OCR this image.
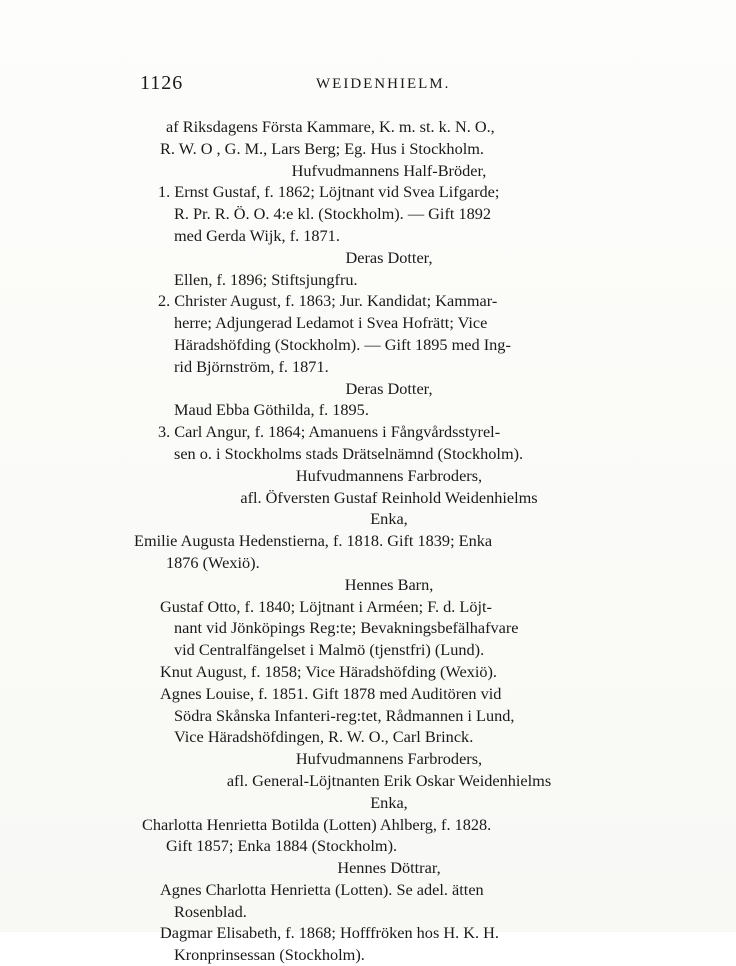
1126	WEIDENHIELM.
af Riksdagens Första Kammare, K. m. st. k. N. O.,
R. W. O , G. M., Lars Berg; Eg. Hus i Stockholm.
Hufvudmannens Half-Bröder,
1. Ernst Gustaf, f. 1862; Löjtnant vid Svea Lifgarde;
R. Pr. R. Ö. O. 4:e kl. (Stockholm). — Gift 1892
med Gerda Wijk, f. 1871.
Deras Dotter,
Ellen, f. 1896; Stiftsjungfru.
2. Christer August, f. 1863; Jur. Kandidat; Kammar-
herre; Adjungerad Ledamot i Svea Hofrätt; Vice
Häradshöfding (Stockholm). — Gift 1895 med Ing-
rid Björnström, f. 1871.
Deras Dotter,
Maud Ebba Göthilda, f. 1895.
3. Carl Angur, f. 1864; Amanuens i Fångvårdsstyrel-
sen o. i Stockholms stads Drätselnämnd (Stockholm).
Hufvudmannens Farbroders,
afl. Öfversten Gustaf Reinhold Weidenhielms
Enka,
Emilie Augusta Hedenstierna, f. 1818. Gift 1839; Enka
1876 (Wexiö).
Hennes Barn,
Gustaf Otto, f. 1840; Löjtnant i Arméen; F. d. Löjt-
nant vid Jönköpings Reg:te; Bevakningsbefälhafvare
vid Centralfängelset i Malmö (tjenstfri) (Lund).
Knut August, f. 1858; Vice Häradshöfding (Wexiö).
Agnes Louise, f. 1851. Gift 1878 med Auditören vid
Södra Skånska Infanteri-reg:tet, Rådmannen i Lund,
Vice Häradshöfdingen, R. W. O., Carl Brinck.
Hufvudmannens Farbroders,
afl. General-Löjtnanten Erik Oskar Weidenhielms
Enka,
Charlotta Henrietta Botilda (Lotten) Ahlberg, f. 1828.
Gift 1857; Enka 1884 (Stockholm).
Hennes Döttrar,
Agnes Charlotta Henrietta (Lotten). Se adel. ätten
Rosenblad.
Dagmar Elisabeth, f. 1868; Hofffröken hos H. K. H.
Kronprinsessan (Stockholm).
